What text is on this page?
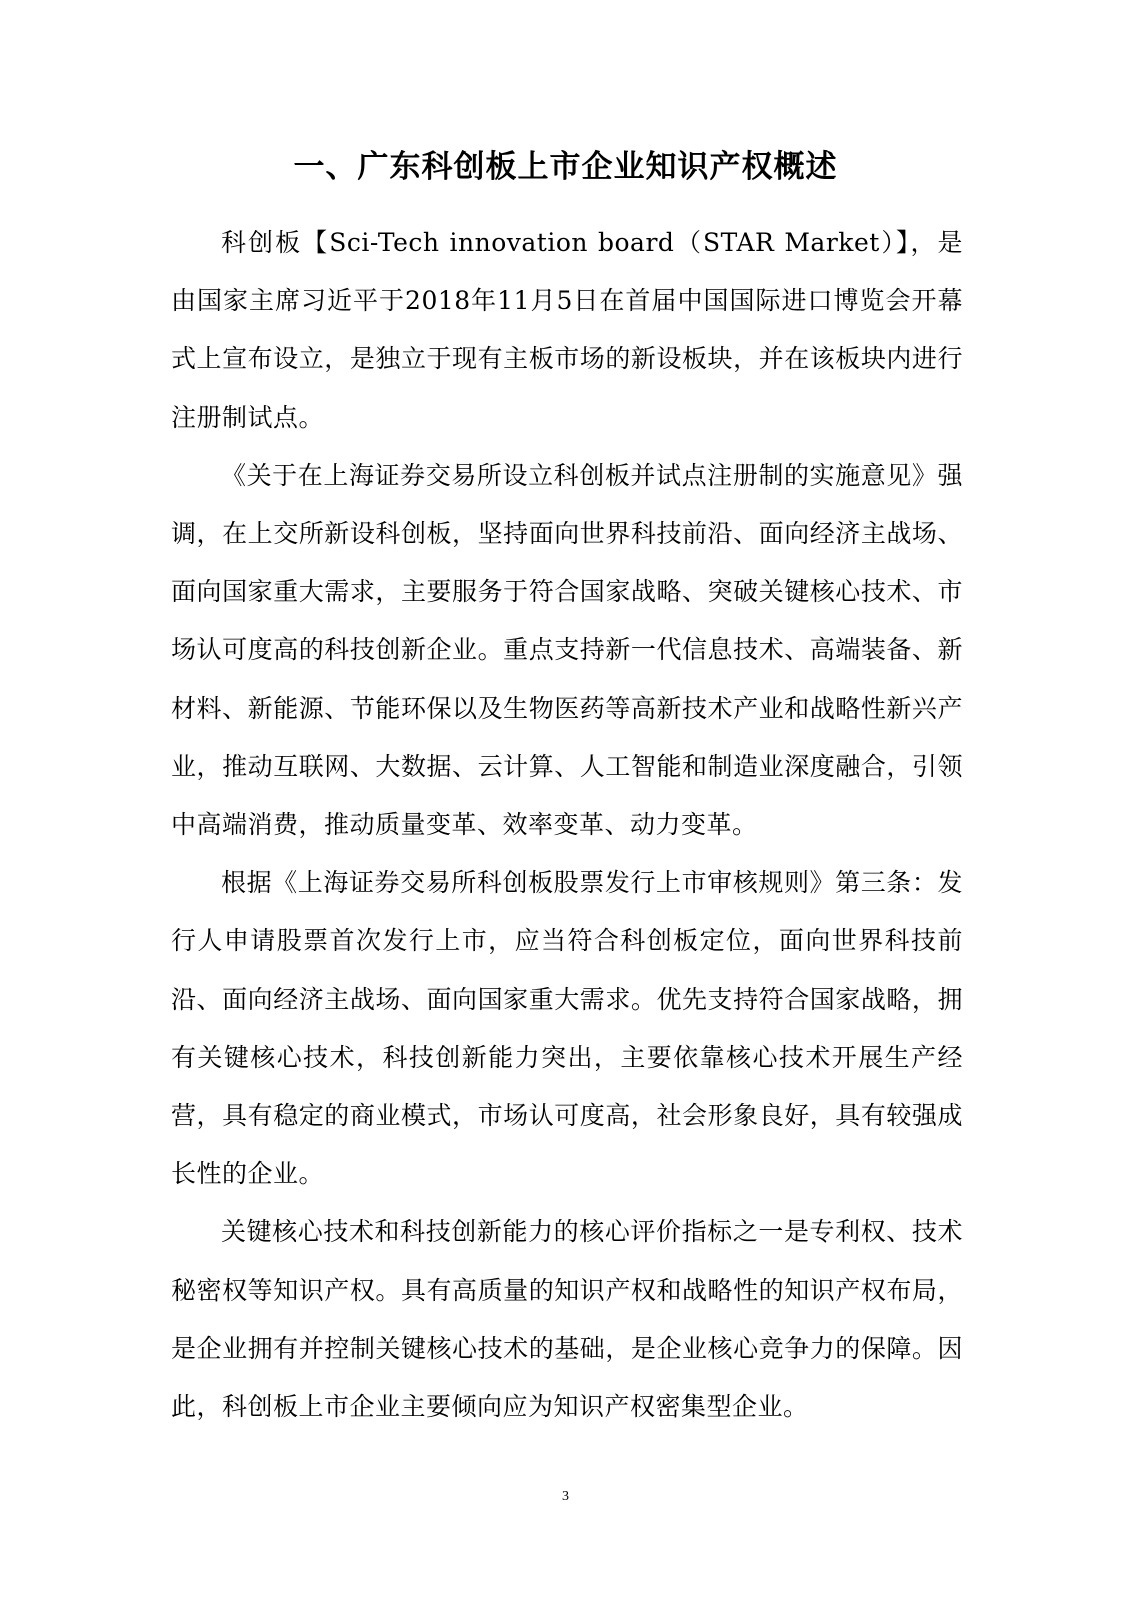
一、广东科创板上市企业知识产权概述

科创板【Sci-Tech innovation board（STAR Market）】，是由国家主席习近平于2018年11月5日在首届中国国际进口博览会开幕式上宣布设立，是独立于现有主板市场的新设板块，并在该板块内进行注册制试点。

《关于在上海证券交易所设立科创板并试点注册制的实施意见》强调，在上交所新设科创板，坚持面向世界科技前沿、面向经济主战场、面向国家重大需求，主要服务于符合国家战略、突破关键核心技术、市场认可度高的科技创新企业。重点支持新一代信息技术、高端装备、新材料、新能源、节能环保以及生物医药等高新技术产业和战略性新兴产业，推动互联网、大数据、云计算、人工智能和制造业深度融合，引领中高端消费，推动质量变革、效率变革、动力变革。

根据《上海证券交易所科创板股票发行上市审核规则》第三条：发行人申请股票首次发行上市，应当符合科创板定位，面向世界科技前沿、面向经济主战场、面向国家重大需求。优先支持符合国家战略，拥有关键核心技术，科技创新能力突出，主要依靠核心技术开展生产经营，具有稳定的商业模式，市场认可度高，社会形象良好，具有较强成长性的企业。

关键核心技术和科技创新能力的核心评价指标之一是专利权、技术秘密权等知识产权。具有高质量的知识产权和战略性的知识产权布局，是企业拥有并控制关键核心技术的基础，是企业核心竞争力的保障。因此，科创板上市企业主要倾向应为知识产权密集型企业。

3
